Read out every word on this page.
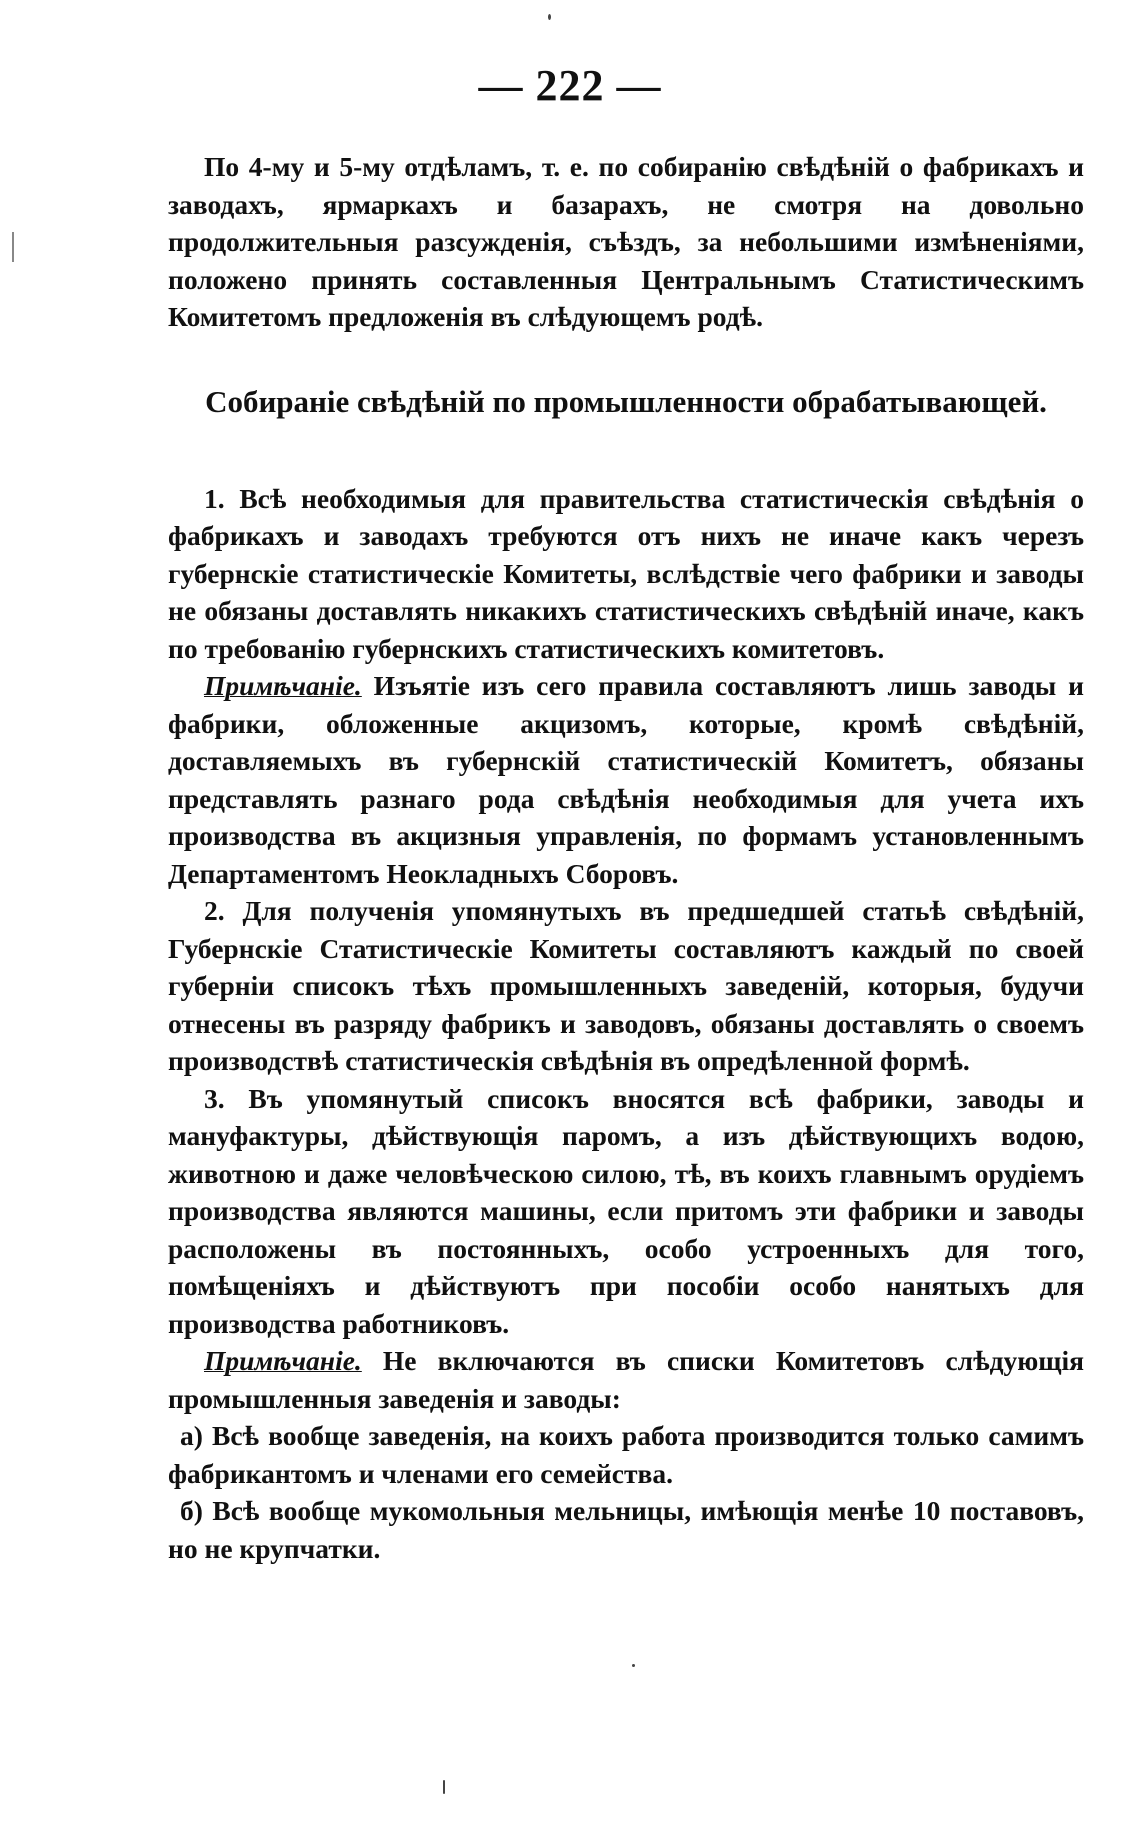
— 222 —

По 4-му и 5-му отдѣламъ, т. е. по собиранію свѣдѣній о фабрикахъ и заводахъ, ярмаркахъ и базарахъ, не смотря на довольно продолжительныя разсужденія, съѣздъ, за небольшими измѣненіями, положено принять составленныя Центральнымъ Статистическимъ Комитетомъ предложенія въ слѣдующемъ родѣ.

Собираніе свѣдѣній по промышленности обрабатывающей.

1. Всѣ необходимыя для правительства статистическія свѣдѣнія о фабрикахъ и заводахъ требуются отъ нихъ не иначе какъ черезъ губернскіе статистическіе Комитеты, вслѣдствіе чего фабрики и заводы не обязаны доставлять никакихъ статистическихъ свѣдѣній иначе, какъ по требованію губернскихъ статистическихъ комитетовъ.

Примѣчаніе. Изъятіе изъ сего правила составляютъ лишь заводы и фабрики, обложенные акцизомъ, которые, кромѣ свѣдѣній, доставляемыхъ въ губернскій статистическій Комитетъ, обязаны представлять разнаго рода свѣдѣнія необходимыя для учета ихъ производства въ акцизныя управленія, по формамъ установленнымъ Департаментомъ Неокладныхъ Сборовъ.

2. Для полученія упомянутыхъ въ предшедшей статьѣ свѣдѣній, Губернскіе Статистическіе Комитеты составляютъ каждый по своей губерніи списокъ тѣхъ промышленныхъ заведеній, которыя, будучи отнесены въ разряду фабрикъ и заводовъ, обязаны доставлять о своемъ производствѣ статистическія свѣдѣнія въ опредѣленной формѣ.

3. Въ упомянутый списокъ вносятся всѣ фабрики, заводы и мануфактуры, дѣйствующія паромъ, а изъ дѣйствующихъ водою, животною и даже человѣческою силою, тѣ, въ коихъ главнымъ орудіемъ производства являются машины, если притомъ эти фабрики и заводы расположены въ постоянныхъ, особо устроенныхъ для того, помѣщеніяхъ и дѣйствуютъ при пособіи особо нанятыхъ для производства работниковъ.

Примѣчаніе. Не включаются въ списки Комитетовъ слѣдующія промышленныя заведенія и заводы:

а) Всѣ вообще заведенія, на коихъ работа производится только самимъ фабрикантомъ и членами его семейства.

б) Всѣ вообще мукомольныя мельницы, имѣющія менѣе 10 поставовъ, но не крупчатки.
